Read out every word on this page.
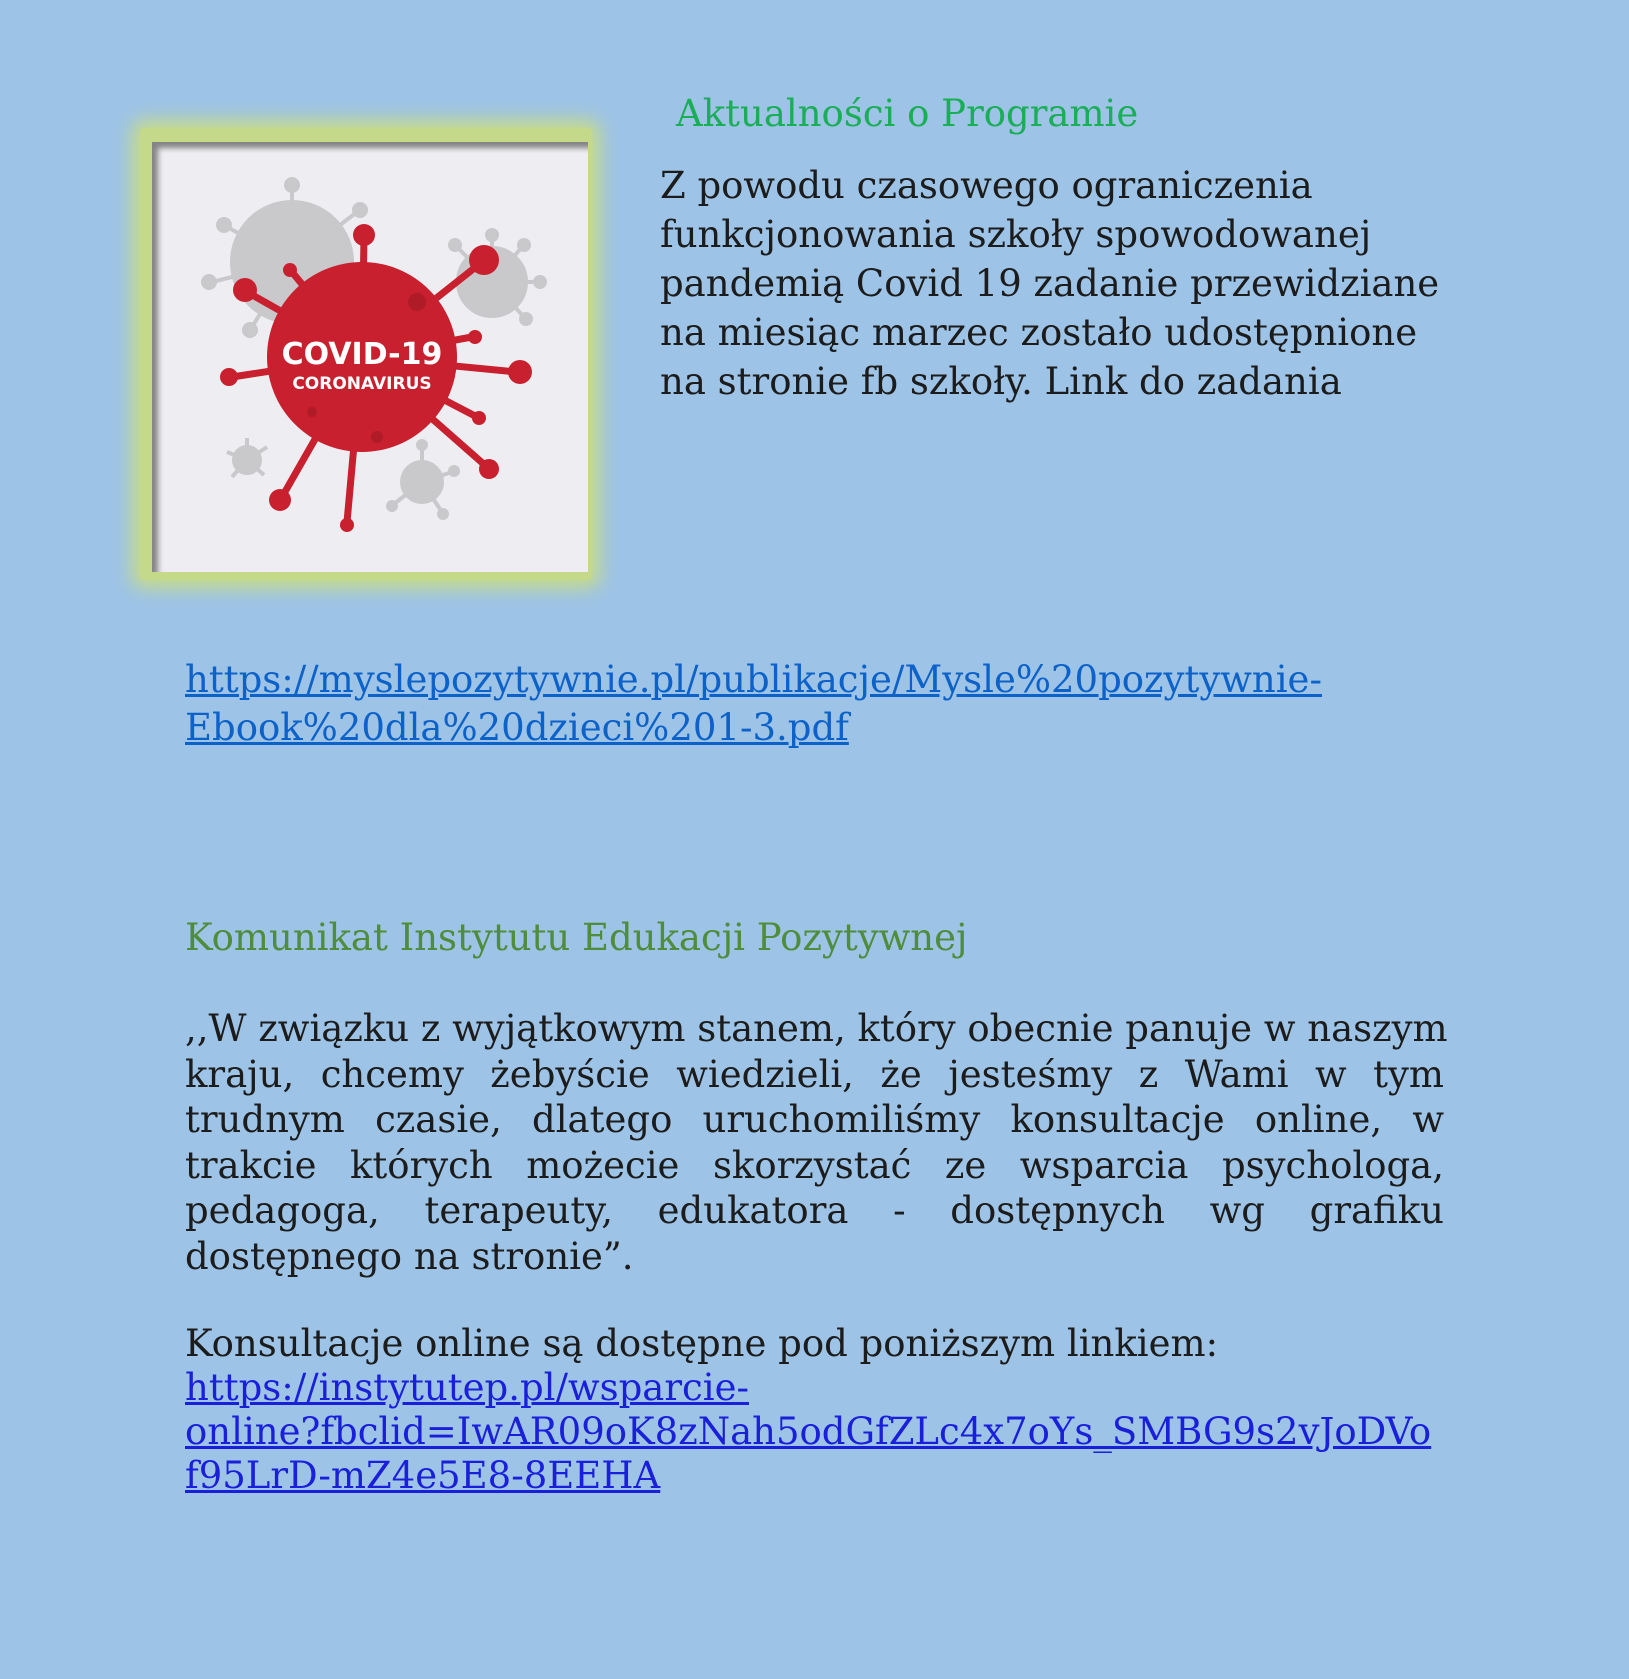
COVID-19
CORONAVIRUS
Aktualności o Programie
Z powodu czasowego ograniczenia
funkcjonowania szkoły spowodowanej
pandemią Covid 19 zadanie przewidziane
na miesiąc marzec zostało udostępnione
na stronie fb szkoły. Link do zadania
https://myslepozytywnie.pl/publikacje/Mysle%20pozytywnie-
Ebook%20dla%20dzieci%201-3.pdf
Komunikat Instytutu Edukacji Pozytywnej
,,W związku z wyjątkowym stanem, który obecnie panuje w naszym
kraju, chcemy żebyście wiedzieli, że jesteśmy z Wami w tym
trudnym czasie, dlatego uruchomiliśmy konsultacje online, w
trakcie których możecie skorzystać ze wsparcia psychologa,
pedagoga, terapeuty, edukatora - dostępnych wg grafiku
dostępnego na stronie”.
Konsultacje online są dostępne pod poniższym linkiem:
https://instytutep.pl/wsparcie-
online?fbclid=IwAR09oK8zNah5odGfZLc4x7oYs_SMBG9s2vJoDVo
f95LrD-mZ4e5E8-8EEHA
